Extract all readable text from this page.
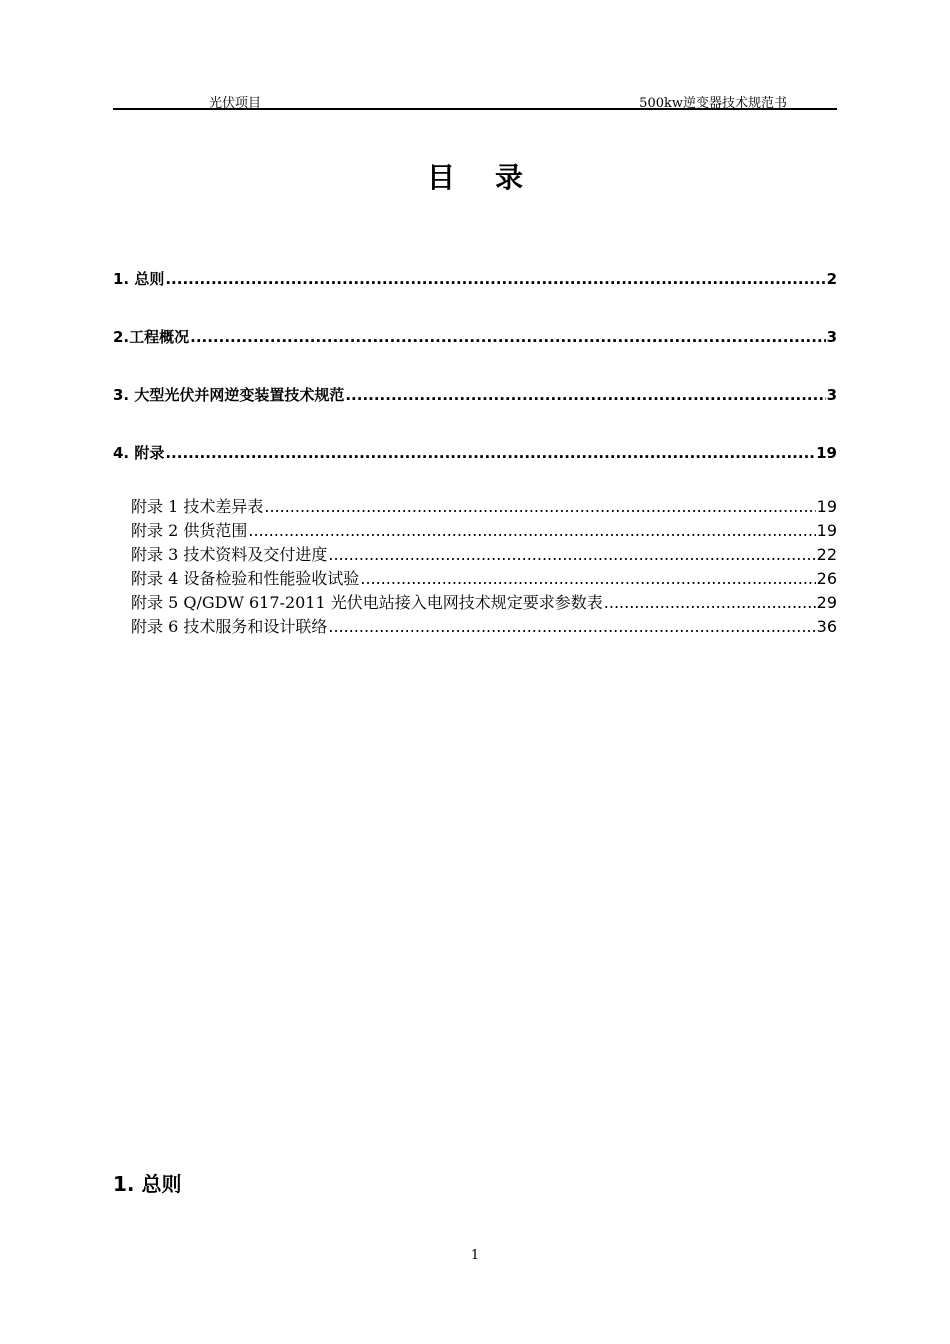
光伏项目	500kw逆变器技术规范书
目录
1. 总则 .....	2
2.工程概况 .....	3
3. 大型光伏并网逆变装置技术规范 .....	3
4. 附录 .....	19
附录 1 技术差异表 .....	19
附录 2 供货范围 .....	19
附录 3 技术资料及交付进度 .....	22
附录 4 设备检验和性能验收试验 .....	26
附录 5 Q/GDW 617-2011 光伏电站接入电网技术规定要求参数表 .....	29
附录 6 技术服务和设计联络 .....	36
1. 总则
1
